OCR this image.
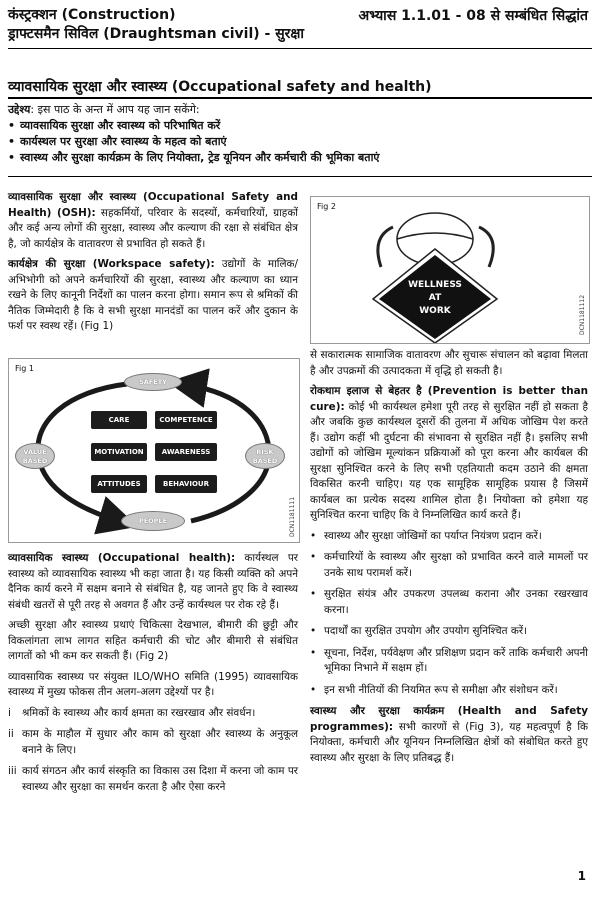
कंस्ट्रक्शन (Construction)
ड्राफ्टसमैन सिविल (Draughtsman civil) - सुरक्षा
अभ्यास 1.1.01 - 08 से सम्बंधित सिद्धांत
व्यावसायिक सुरक्षा और स्वास्थ्य (Occupational safety and health)
उद्देश्य: इस पाठ के अन्त में आप यह जान सकेंगे:
• व्यावसायिक सुरक्षा और स्वास्थ्य को परिभाषित करें
• कार्यस्थल पर सुरक्षा और स्वास्थ्य के महत्व को बताएं
• स्वास्थ्य और सुरक्षा कार्यक्रम के लिए नियोक्ता, ट्रेड यूनियन और कर्मचारी की भूमिका बताएं

व्यावसायिक सुरक्षा और स्वास्थ्य (Occupational Safety and Health) (OSH): सहकर्मियों, परिवार के सदस्यों, कर्मचारियों, ग्राहकों और कई अन्य लोगों की सुरक्षा, स्वास्थ्य और कल्याण की रक्षा से संबंधित क्षेत्र है, जो कार्यक्षेत्र के वातावरण से प्रभावित हो सकते हैं।

कार्यक्षेत्र की सुरक्षा (Workspace safety): उद्योगों के मालिक/ अभिभोगी को अपने कर्मचारियों की सुरक्षा, स्वास्थ्य और कल्याण का ध्यान रखने के लिए कानूनी निर्देशों का पालन करना होगा। समान रूप से श्रमिकों की नैतिक जिम्मेदारी है कि वे सभी सुरक्षा मानदंडों का पालन करें और दुकान के फर्श पर स्वस्थ रहें। (Fig 1)

Fig 1
SAFETY
PEOPLE
VALUE BASED
RISK BASED
CARE	COMPETENCE
MOTIVATION	AWARENESS
ATTITUDES	BEHAVIOUR
DCN1181111

व्यावसायिक स्वास्थ्य (Occupational health): कार्यस्थल पर स्वास्थ्य को व्यावसायिक स्वास्थ्य भी कहा जाता है। यह किसी व्यक्ति को अपने दैनिक कार्य करने में सक्षम बनाने से संबंधित है, यह जानते हुए कि वे स्वास्थ्य संबंधी खतरों से पूरी तरह से अवगत हैं और उन्हें कार्यस्थल पर रोक रहे हैं।

अच्छी सुरक्षा और स्वास्थ्य प्रथाएं चिकित्सा देखभाल, बीमारी की छुट्टी और विकलांगता लाभ लागत सहित कर्मचारी की चोट और बीमारी से संबंधित लागतों को भी कम कर सकती हैं। (Fig 2)

व्यावसायिक स्वास्थ्य पर संयुक्त ILO/WHO समिति (1995) व्यावसायिक स्वास्थ्य में मुख्य फोकस तीन अलग-अलग उद्देश्यों पर है।

i श्रमिकों के स्वास्थ्य और कार्य क्षमता का रखरखाव और संवर्धन।
ii काम के माहौल में सुधार और काम को सुरक्षा और स्वास्थ्य के अनुकूल बनाने के लिए।
iii कार्य संगठन और कार्य संस्कृति का विकास उस दिशा में करना जो काम पर स्वास्थ्य और सुरक्षा का समर्थन करता है और ऐसा करने
Fig 2
WELLNESS
AT
WORK	DCN1181112

से सकारात्मक सामाजिक वातावरण और सुचारू संचालन को बढ़ावा मिलता है और उपक्रमों की उत्पादकता में वृद्धि हो सकती है।

रोकथाम इलाज से बेहतर है (Prevention is better than cure): कोई भी कार्यस्थल हमेशा पूरी तरह से सुरक्षित नहीं हो सकता है और जबकि कुछ कार्यस्थल दूसरों की तुलना में अधिक जोखिम पेश करते हैं। उद्योग कहीं भी दुर्घटना की संभावना से सुरक्षित नहीं है। इसलिए सभी उद्योगों को जोखिम मूल्यांकन प्रक्रियाओं को पूरा करना और कार्यबल की सुरक्षा सुनिश्चित करने के लिए सभी एहतियाती कदम उठाने की क्षमता विकसित करनी चाहिए। यह एक सामूहिक सामूहिक प्रयास है जिसमें कार्यबल का प्रत्येक सदस्य शामिल होता है। नियोक्ता को हमेशा यह सुनिश्चित करना चाहिए कि वे निम्नलिखित कार्य करते हैं।

• स्वास्थ्य और सुरक्षा जोखिमों का पर्याप्त नियंत्रण प्रदान करें।
• कर्मचारियों के स्वास्थ्य और सुरक्षा को प्रभावित करने वाले मामलों पर उनके साथ परामर्श करें।
• सुरक्षित संयंत्र और उपकरण उपलब्ध कराना और उनका रखरखाव करना।
• पदार्थों का सुरक्षित उपयोग और उपयोग सुनिश्चित करें।
• सूचना, निर्देश, पर्यवेक्षण और प्रशिक्षण प्रदान करें ताकि कर्मचारी अपनी भूमिका निभाने में सक्षम हों।
• इन सभी नीतियों की नियमित रूप से समीक्षा और संशोधन करें।

स्वास्थ्य और सुरक्षा कार्यक्रम (Health and Safety programmes): सभी कारणों से (Fig 3), यह महत्वपूर्ण है कि नियोक्ता, कर्मचारी और यूनियन निम्नलिखित क्षेत्रों को संबोधित करते हुए स्वास्थ्य और सुरक्षा के लिए प्रतिबद्ध हैं।

1
